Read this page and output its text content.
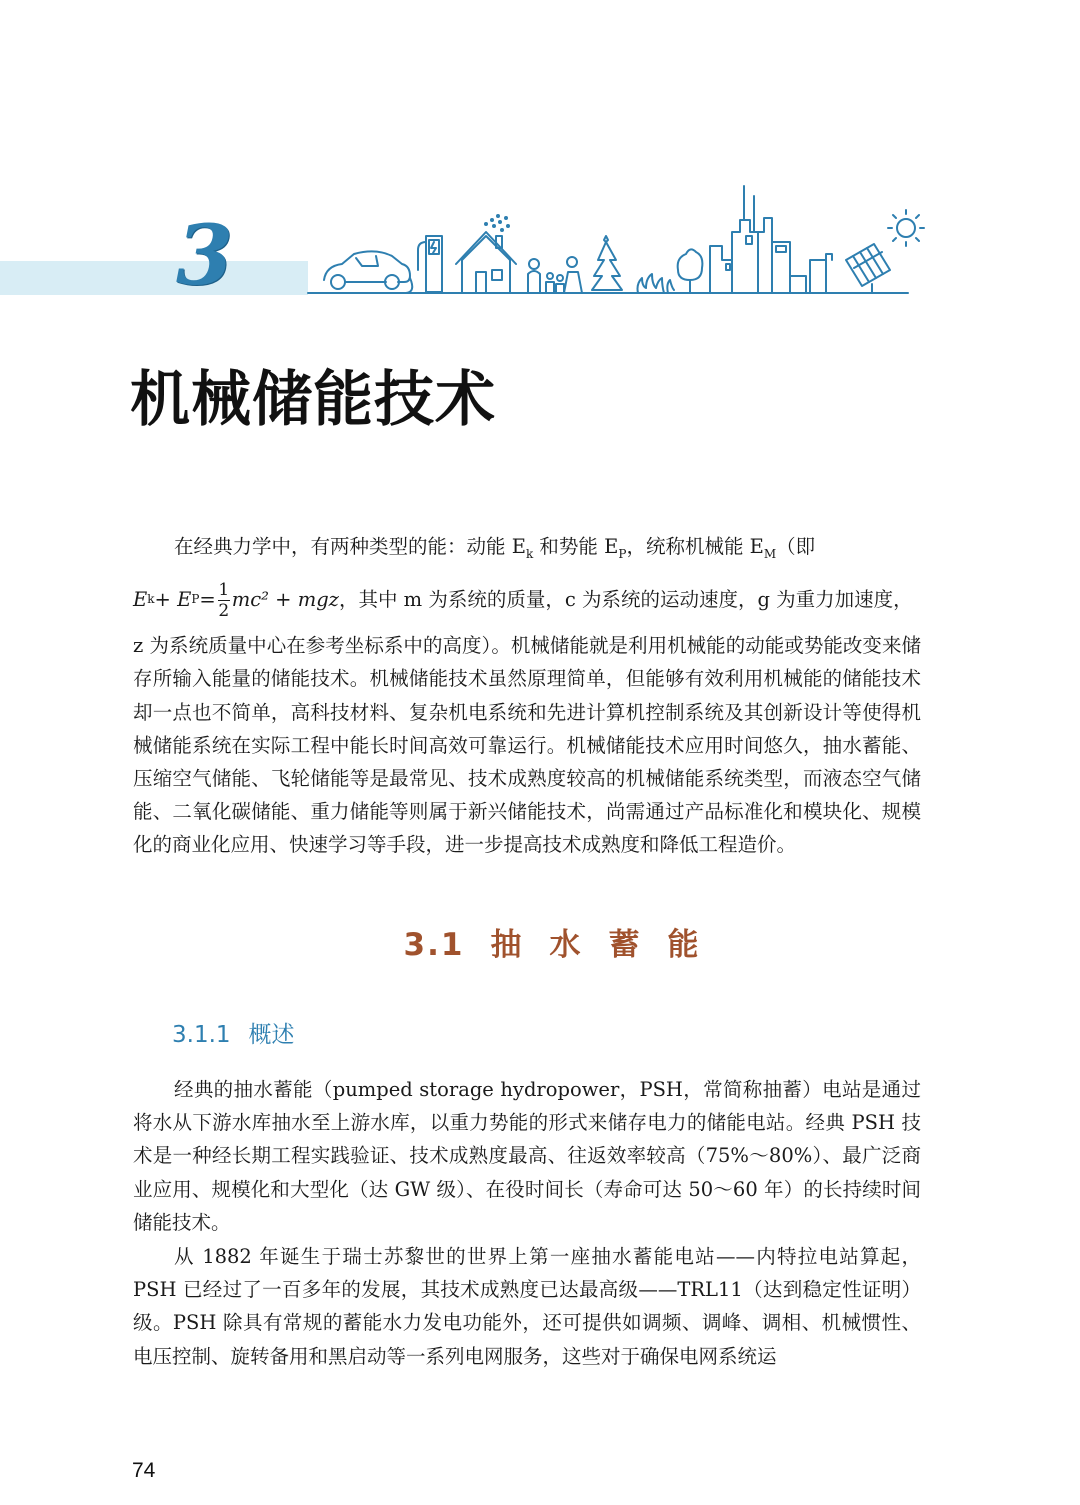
3
机械储能技术
在经典力学中，有两种类型的能：动能 $E_k$ 和势能 $E_P$，统称机械能 $E_M$（即
E k + E $P = \frac{1}{2} mc^2$ + mgz ，其中 m 为系统的质量，c 为系统的运动速度，g 为重力加速度，
z 为系统质量中心在参考坐标系中的高度）。机械储能就是利用机械能的动能或势能改变来储存所输入能量的储能技术。机械储能技术虽然原理简单，但能够有效利用机械能的储能技术却一点也不简单，高科技材料、复杂机电系统和先进计算机控制系统及其创新设计等使得机械储能系统在实际工程中能长时间高效可靠运行。机械储能技术应用时间悠久，抽水蓄能、压缩空气储能、飞轮储能等是最常见、技术成熟度较高的机械储能系统类型，而液态空气储能、二氧化碳储能、重力储能等则属于新兴储能技术，尚需通过产品标准化和模块化、规模化的商业化应用、快速学习等手段，进一步提高技术成熟度和降低工程造价。
3.1 抽 水 蓄 能
3.1.1 概述
经典的抽水蓄能（pumped storage hydropower，PSH，常简称抽蓄）电站是通过将水从下游水库抽水至上游水库，以重力势能的形式来储存电力的储能电站。经典 PSH 技术是一种经长期工程实践验证、技术成熟度最高、往返效率较高（75%～80%）、最广泛商业应用、规模化和大型化（达 GW 级）、在役时间长（寿命可达 50～60 年）的长持续时间储能技术。
从 1882 年诞生于瑞士苏黎世的世界上第一座抽水蓄能电站——内特拉电站算起，PSH 已经过了一百多年的发展，其技术成熟度已达最高级——TRL11（达到稳定性证明）级。PSH 除具有常规的蓄能水力发电功能外，还可提供如调频、调峰、调相、机械惯性、电压控制、旋转备用和黑启动等一系列电网服务，这些对于确保电网系统运
74
